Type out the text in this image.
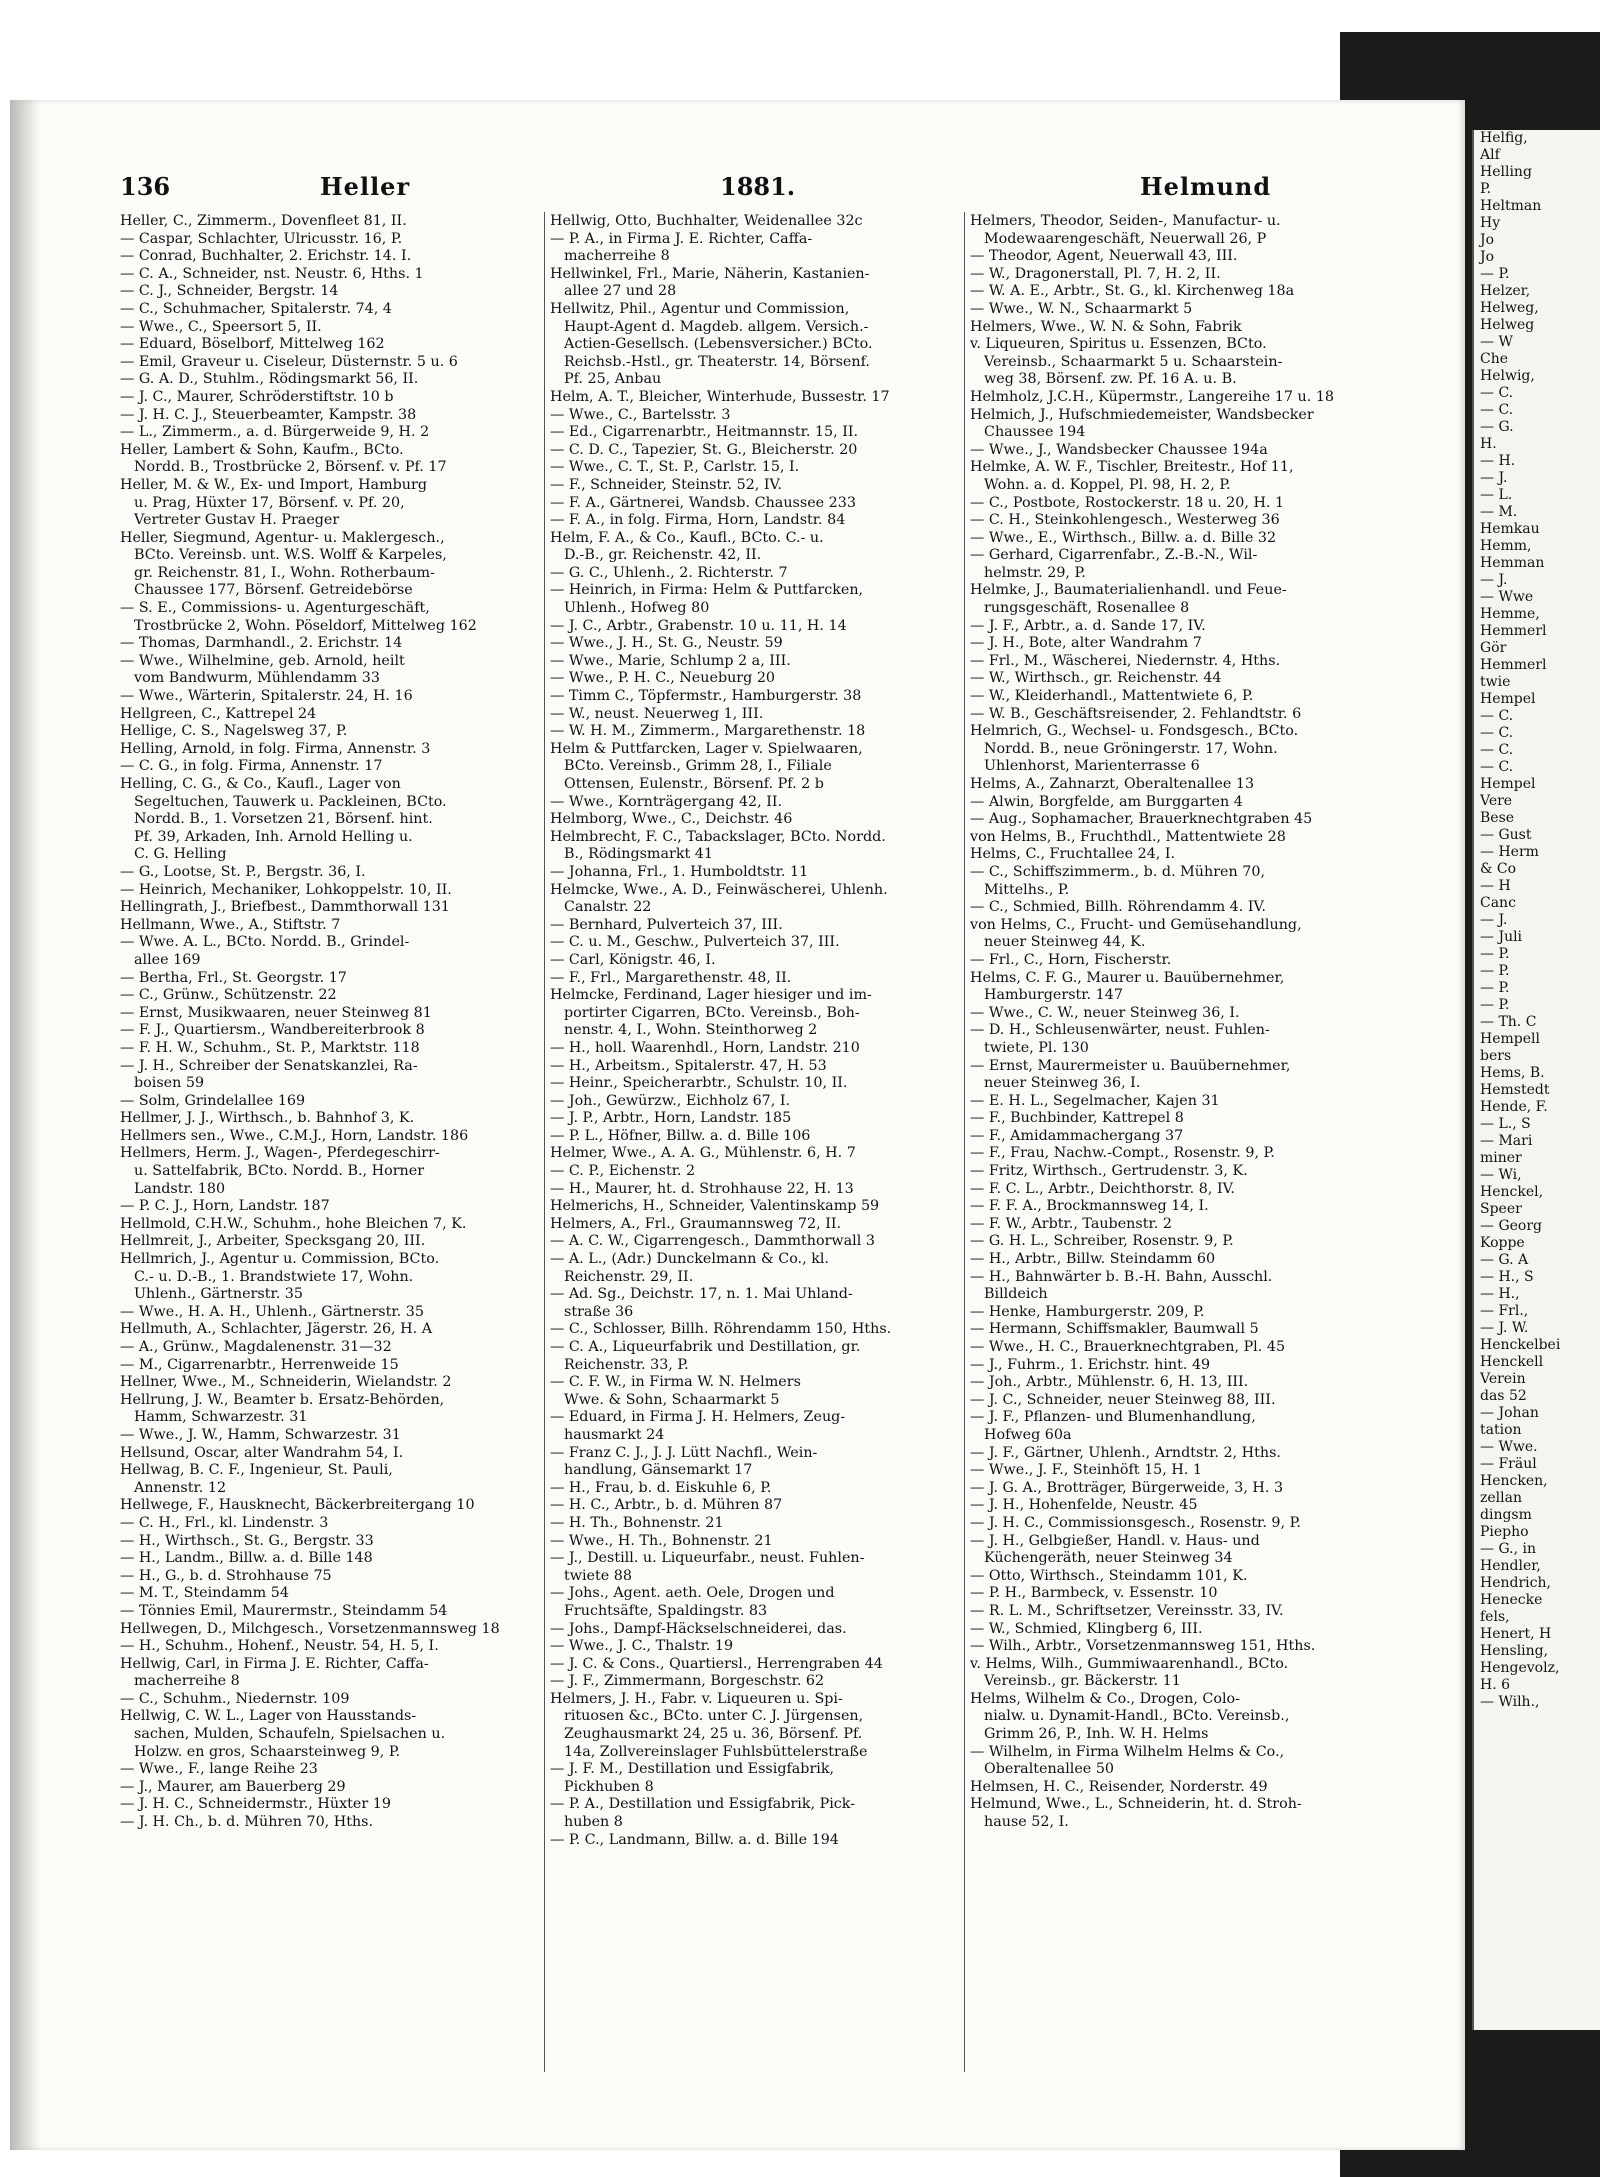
Helfig,
Alf
Helling
P.
Heltman
Hy
Jo
Jo
— P.
Helzer,
Helweg,
Helweg
— W
Che
Helwig,
— C.
— C.
— G.
H.
— H.
— J.
— L.
— M.
Hemkau
Hemm,
Hemman
— J.
— Wwe
Hemme,
Hemmerl
Gör
Hemmerl
twie
Hempel
— C.
— C.
— C.
— C.
Hempel
Vere
Bese
— Gust
— Herm
& Co
— H
Canc
— J.
— Juli
— P.
— P.
— P.
— P.
— Th. C
Hempell
bers
Hems, B.
Hemstedt
Hende, F.
— L., S
— Mari
miner
— Wi,
Henckel,
Speer
— Georg
Koppe
— G. A
— H., S
— H.,
— Frl.,
— J. W.
Henckelbei
Henckell
Verein
das 52
— Johan
tation
— Wwe.
— Fräul
Hencken,
zellan
dingsm
Piepho
— G., in
Hendler,
Hendrich,
Henecke
fels,
Henert, H
Hensling,
Hengevolz,
H. 6
— Wilh.,
136	Heller	1881.	Helmund
Heller, C., Zimmerm., Dovenfleet 81, II.
— Caspar, Schlachter, Ulricusstr. 16, P.
— Conrad, Buchhalter, 2. Erichstr. 14. I.
— C. A., Schneider, nst. Neustr. 6, Hths. 1
— C. J., Schneider, Bergstr. 14
— C., Schuhmacher, Spitalerstr. 74, 4
— Wwe., C., Speersort 5, II.
— Eduard, Böselborf, Mittelweg 162
— Emil, Graveur u. Ciseleur, Düsternstr. 5 u. 6
— G. A. D., Stuhlm., Rödingsmarkt 56, II.
— J. C., Maurer, Schröderstiftstr. 10 b
— J. H. C. J., Steuerbeamter, Kampstr. 38
— L., Zimmerm., a. d. Bürgerweide 9, H. 2
Heller, Lambert & Sohn, Kaufm., BCto.
Nordd. B., Trostbrücke 2, Börsenf. v. Pf. 17
Heller, M. & W., Ex- und Import, Hamburg
u. Prag, Hüxter 17, Börsenf. v. Pf. 20,
Vertreter Gustav H. Praeger
Heller, Siegmund, Agentur- u. Maklergesch.,
BCto. Vereinsb. unt. W.S. Wolff & Karpeles,
gr. Reichenstr. 81, I., Wohn. Rotherbaum-
Chaussee 177, Börsenf. Getreidebörse
— S. E., Commissions- u. Agenturgeschäft,
Trostbrücke 2, Wohn. Pöseldorf, Mittelweg 162
— Thomas, Darmhandl., 2. Erichstr. 14
— Wwe., Wilhelmine, geb. Arnold, heilt
vom Bandwurm, Mühlendamm 33
— Wwe., Wärterin, Spitalerstr. 24, H. 16
Hellgreen, C., Kattrepel 24
Hellige, C. S., Nagelsweg 37, P.
Helling, Arnold, in folg. Firma, Annenstr. 3
— C. G., in folg. Firma, Annenstr. 17
Helling, C. G., & Co., Kaufl., Lager von
Segeltuchen, Tauwerk u. Packleinen, BCto.
Nordd. B., 1. Vorsetzen 21, Börsenf. hint.
Pf. 39, Arkaden, Inh. Arnold Helling u.
C. G. Helling
— G., Lootse, St. P., Bergstr. 36, I.
— Heinrich, Mechaniker, Lohkoppelstr. 10, II.
Hellingrath, J., Briefbest., Dammthorwall 131
Hellmann, Wwe., A., Stiftstr. 7
— Wwe. A. L., BCto. Nordd. B., Grindel-
allee 169
— Bertha, Frl., St. Georgstr. 17
— C., Grünw., Schützenstr. 22
— Ernst, Musikwaaren, neuer Steinweg 81
— F. J., Quartiersm., Wandbereiterbrook 8
— F. H. W., Schuhm., St. P., Marktstr. 118
— J. H., Schreiber der Senatskanzlei, Ra-
boisen 59
— Solm, Grindelallee 169
Hellmer, J. J., Wirthsch., b. Bahnhof 3, K.
Hellmers sen., Wwe., C.M.J., Horn, Landstr. 186
Hellmers, Herm. J., Wagen-, Pferdegeschirr-
u. Sattelfabrik, BCto. Nordd. B., Horner
Landstr. 180
— P. C. J., Horn, Landstr. 187
Hellmold, C.H.W., Schuhm., hohe Bleichen 7, K.
Hellmreit, J., Arbeiter, Specksgang 20, III.
Hellmrich, J., Agentur u. Commission, BCto.
C.- u. D.-B., 1. Brandstwiete 17, Wohn.
Uhlenh., Gärtnerstr. 35
— Wwe., H. A. H., Uhlenh., Gärtnerstr. 35
Hellmuth, A., Schlachter, Jägerstr. 26, H. A
— A., Grünw., Magdalenenstr. 31—32
— M., Cigarrenarbtr., Herrenweide 15
Hellner, Wwe., M., Schneiderin, Wielandstr. 2
Hellrung, J. W., Beamter b. Ersatz-Behörden,
Hamm, Schwarzestr. 31
— Wwe., J. W., Hamm, Schwarzestr. 31
Hellsund, Oscar, alter Wandrahm 54, I.
Hellwag, B. C. F., Ingenieur, St. Pauli,
Annenstr. 12
Hellwege, F., Hausknecht, Bäckerbreitergang 10
— C. H., Frl., kl. Lindenstr. 3
— H., Wirthsch., St. G., Bergstr. 33
— H., Landm., Billw. a. d. Bille 148
— H., G., b. d. Strohhause 75
— M. T., Steindamm 54
— Tönnies Emil, Maurermstr., Steindamm 54
Hellwegen, D., Milchgesch., Vorsetzenmannsweg 18
— H., Schuhm., Hohenf., Neustr. 54, H. 5, I.
Hellwig, Carl, in Firma J. E. Richter, Caffa-
macherreihe 8
— C., Schuhm., Niedernstr. 109
Hellwig, C. W. L., Lager von Hausstands-
sachen, Mulden, Schaufeln, Spielsachen u.
Holzw. en gros, Schaarsteinweg 9, P.
— Wwe., F., lange Reihe 23
— J., Maurer, am Bauerberg 29
— J. H. C., Schneidermstr., Hüxter 19
— J. H. Ch., b. d. Mühren 70, Hths.
Hellwig, Otto, Buchhalter, Weidenallee 32c
— P. A., in Firma J. E. Richter, Caffa-
macherreihe 8
Hellwinkel, Frl., Marie, Näherin, Kastanien-
allee 27 und 28
Hellwitz, Phil., Agentur und Commission,
Haupt-Agent d. Magdeb. allgem. Versich.-
Actien-Gesellsch. (Lebensversicher.) BCto.
Reichsb.-Hstl., gr. Theaterstr. 14, Börsenf.
Pf. 25, Anbau
Helm, A. T., Bleicher, Winterhude, Bussestr. 17
— Wwe., C., Bartelsstr. 3
— Ed., Cigarrenarbtr., Heitmannstr. 15, II.
— C. D. C., Tapezier, St. G., Bleicherstr. 20
— Wwe., C. T., St. P., Carlstr. 15, I.
— F., Schneider, Steinstr. 52, IV.
— F. A., Gärtnerei, Wandsb. Chaussee 233
— F. A., in folg. Firma, Horn, Landstr. 84
Helm, F. A., & Co., Kaufl., BCto. C.- u.
D.-B., gr. Reichenstr. 42, II.
— G. C., Uhlenh., 2. Richterstr. 7
— Heinrich, in Firma: Helm & Puttfarcken,
Uhlenh., Hofweg 80
— J. C., Arbtr., Grabenstr. 10 u. 11, H. 14
— Wwe., J. H., St. G., Neustr. 59
— Wwe., Marie, Schlump 2 a, III.
— Wwe., P. H. C., Neueburg 20
— Timm C., Töpfermstr., Hamburgerstr. 38
— W., neust. Neuerweg 1, III.
— W. H. M., Zimmerm., Margarethenstr. 18
Helm & Puttfarcken, Lager v. Spielwaaren,
BCto. Vereinsb., Grimm 28, I., Filiale
Ottensen, Eulenstr., Börsenf. Pf. 2 b
— Wwe., Kornträgergang 42, II.
Helmborg, Wwe., C., Deichstr. 46
Helmbrecht, F. C., Tabackslager, BCto. Nordd.
B., Rödingsmarkt 41
— Johanna, Frl., 1. Humboldtstr. 11
Helmcke, Wwe., A. D., Feinwäscherei, Uhlenh.
Canalstr. 22
— Bernhard, Pulverteich 37, III.
— C. u. M., Geschw., Pulverteich 37, III.
— Carl, Königstr. 46, I.
— F., Frl., Margarethenstr. 48, II.
Helmcke, Ferdinand, Lager hiesiger und im-
portirter Cigarren, BCto. Vereinsb., Boh-
nenstr. 4, I., Wohn. Steinthorweg 2
— H., holl. Waarenhdl., Horn, Landstr. 210
— H., Arbeitsm., Spitalerstr. 47, H. 53
— Heinr., Speicherarbtr., Schulstr. 10, II.
— Joh., Gewürzw., Eichholz 67, I.
— J. P., Arbtr., Horn, Landstr. 185
— P. L., Höfner, Billw. a. d. Bille 106
Helmer, Wwe., A. A. G., Mühlenstr. 6, H. 7
— C. P., Eichenstr. 2
— H., Maurer, ht. d. Strohhause 22, H. 13
Helmerichs, H., Schneider, Valentinskamp 59
Helmers, A., Frl., Graumannsweg 72, II.
— A. C. W., Cigarrengesch., Dammthorwall 3
— A. L., (Adr.) Dunckelmann & Co., kl.
Reichenstr. 29, II.
— Ad. Sg., Deichstr. 17, n. 1. Mai Uhland-
straße 36
— C., Schlosser, Billh. Röhrendamm 150, Hths.
— C. A., Liqueurfabrik und Destillation, gr.
Reichenstr. 33, P.
— C. F. W., in Firma W. N. Helmers
Wwe. & Sohn, Schaarmarkt 5
— Eduard, in Firma J. H. Helmers, Zeug-
hausmarkt 24
— Franz C. J., J. J. Lütt Nachfl., Wein-
handlung, Gänsemarkt 17
— H., Frau, b. d. Eiskuhle 6, P.
— H. C., Arbtr., b. d. Mühren 87
— H. Th., Bohnenstr. 21
— Wwe., H. Th., Bohnenstr. 21
— J., Destill. u. Liqueurfabr., neust. Fuhlen-
twiete 88
— Johs., Agent. aeth. Oele, Drogen und
Fruchtsäfte, Spaldingstr. 83
— Johs., Dampf-Häckselschneiderei, das.
— Wwe., J. C., Thalstr. 19
— J. C. & Cons., Quartiersl., Herrengraben 44
— J. F., Zimmermann, Borgeschstr. 62
Helmers, J. H., Fabr. v. Liqueuren u. Spi-
rituosen &c., BCto. unter C. J. Jürgensen,
Zeughausmarkt 24, 25 u. 36, Börsenf. Pf.
14a, Zollvereinslager Fuhlsbüttelerstraße
— J. F. M., Destillation und Essigfabrik,
Pickhuben 8
— P. A., Destillation und Essigfabrik, Pick-
huben 8
— P. C., Landmann, Billw. a. d. Bille 194
Helmers, Theodor, Seiden-, Manufactur- u.
Modewaarengeschäft, Neuerwall 26, P
— Theodor, Agent, Neuerwall 43, III.
— W., Dragonerstall, Pl. 7, H. 2, II.
— W. A. E., Arbtr., St. G., kl. Kirchenweg 18a
— Wwe., W. N., Schaarmarkt 5
Helmers, Wwe., W. N. & Sohn, Fabrik
v. Liqueuren, Spiritus u. Essenzen, BCto.
Vereinsb., Schaarmarkt 5 u. Schaarstein-
weg 38, Börsenf. zw. Pf. 16 A. u. B.
Helmholz, J.C.H., Küpermstr., Langereihe 17 u. 18
Helmich, J., Hufschmiedemeister, Wandsbecker
Chaussee 194
— Wwe., J., Wandsbecker Chaussee 194a
Helmke, A. W. F., Tischler, Breitestr., Hof 11,
Wohn. a. d. Koppel, Pl. 98, H. 2, P.
— C., Postbote, Rostockerstr. 18 u. 20, H. 1
— C. H., Steinkohlengesch., Westerweg 36
— Wwe., E., Wirthsch., Billw. a. d. Bille 32
— Gerhard, Cigarrenfabr., Z.-B.-N., Wil-
helmstr. 29, P.
Helmke, J., Baumaterialienhandl. und Feue-
rungsgeschäft, Rosenallee 8
— J. F., Arbtr., a. d. Sande 17, IV.
— J. H., Bote, alter Wandrahm 7
— Frl., M., Wäscherei, Niedernstr. 4, Hths.
— W., Wirthsch., gr. Reichenstr. 44
— W., Kleiderhandl., Mattentwiete 6, P.
— W. B., Geschäftsreisender, 2. Fehlandtstr. 6
Helmrich, G., Wechsel- u. Fondsgesch., BCto.
Nordd. B., neue Gröningerstr. 17, Wohn.
Uhlenhorst, Marienterrasse 6
Helms, A., Zahnarzt, Oberaltenallee 13
— Alwin, Borgfelde, am Burggarten 4
— Aug., Sophamacher, Brauerknechtgraben 45
von Helms, B., Fruchthdl., Mattentwiete 28
Helms, C., Fruchtallee 24, I.
— C., Schiffszimmerm., b. d. Mühren 70,
Mittelhs., P.
— C., Schmied, Billh. Röhrendamm 4. IV.
von Helms, C., Frucht- und Gemüsehandlung,
neuer Steinweg 44, K.
— Frl., C., Horn, Fischerstr.
Helms, C. F. G., Maurer u. Bauübernehmer,
Hamburgerstr. 147
— Wwe., C. W., neuer Steinweg 36, I.
— D. H., Schleusenwärter, neust. Fuhlen-
twiete, Pl. 130
— Ernst, Maurermeister u. Bauübernehmer,
neuer Steinweg 36, I.
— E. H. L., Segelmacher, Kajen 31
— F., Buchbinder, Kattrepel 8
— F., Amidammachergang 37
— F., Frau, Nachw.-Compt., Rosenstr. 9, P.
— Fritz, Wirthsch., Gertrudenstr. 3, K.
— F. C. L., Arbtr., Deichthorstr. 8, IV.
— F. F. A., Brockmannsweg 14, I.
— F. W., Arbtr., Taubenstr. 2
— G. H. L., Schreiber, Rosenstr. 9, P.
— H., Arbtr., Billw. Steindamm 60
— H., Bahnwärter b. B.-H. Bahn, Ausschl.
Billdeich
— Henke, Hamburgerstr. 209, P.
— Hermann, Schiffsmakler, Baumwall 5
— Wwe., H. C., Brauerknechtgraben, Pl. 45
— J., Fuhrm., 1. Erichstr. hint. 49
— Joh., Arbtr., Mühlenstr. 6, H. 13, III.
— J. C., Schneider, neuer Steinweg 88, III.
— J. F., Pflanzen- und Blumenhandlung,
Hofweg 60a
— J. F., Gärtner, Uhlenh., Arndtstr. 2, Hths.
— Wwe., J. F., Steinhöft 15, H. 1
— J. G. A., Brotträger, Bürgerweide, 3, H. 3
— J. H., Hohenfelde, Neustr. 45
— J. H. C., Commissionsgesch., Rosenstr. 9, P.
— J. H., Gelbgießer, Handl. v. Haus- und
Küchengeräth, neuer Steinweg 34
— Otto, Wirthsch., Steindamm 101, K.
— P. H., Barmbeck, v. Essenstr. 10
— R. L. M., Schriftsetzer, Vereinsstr. 33, IV.
— W., Schmied, Klingberg 6, III.
— Wilh., Arbtr., Vorsetzenmannsweg 151, Hths.
v. Helms, Wilh., Gummiwaarenhandl., BCto.
Vereinsb., gr. Bäckerstr. 11
Helms, Wilhelm & Co., Drogen, Colo-
nialw. u. Dynamit-Handl., BCto. Vereinsb.,
Grimm 26, P., Inh. W. H. Helms
— Wilhelm, in Firma Wilhelm Helms & Co.,
Oberaltenallee 50
Helmsen, H. C., Reisender, Norderstr. 49
Helmund, Wwe., L., Schneiderin, ht. d. Stroh-
hause 52, I.
